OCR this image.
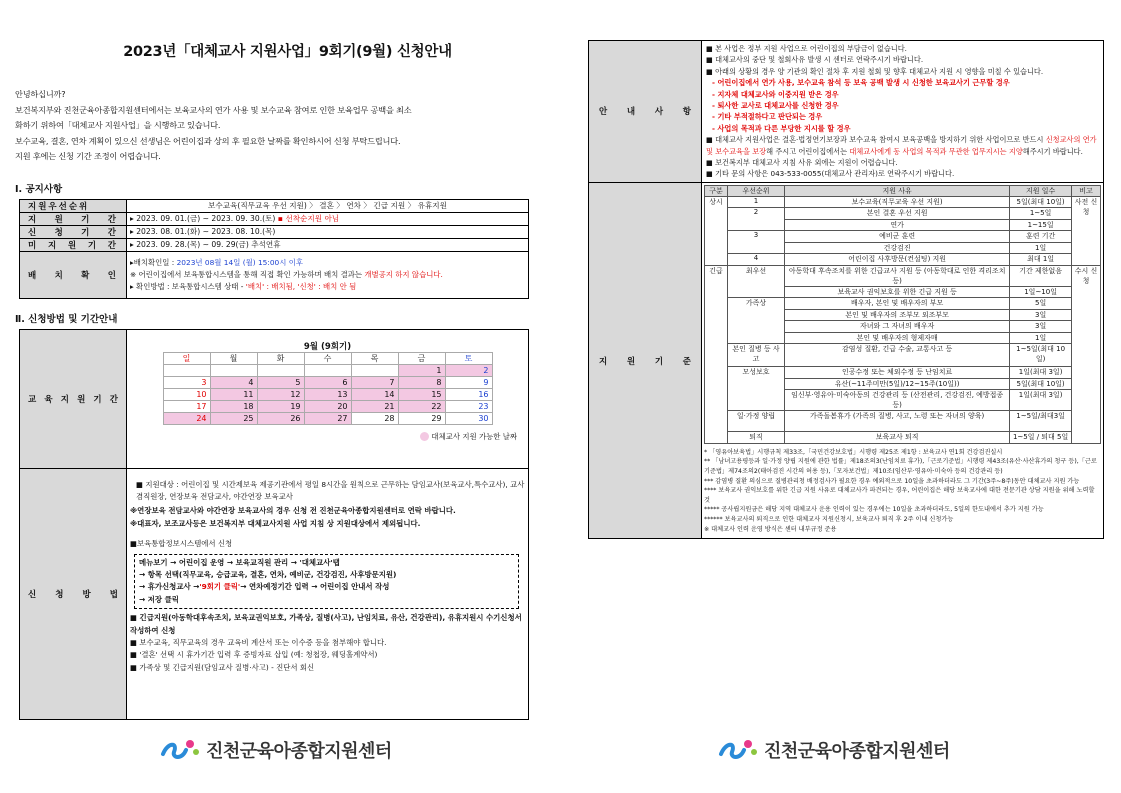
2023년「대체교사 지원사업」9회기(9월) 신청안내
안녕하십니까?
보건복지부와 진천군육아종합지원센터에서는 보육교사의 연가 사용 및 보수교육 참여로 인한 보육업무 공백을 최소
화하기 위하여「대체교사 지원사업」을 시행하고 있습니다.
보수교육, 결혼, 연차 계획이 있으신 선생님은 어린이집과 상의 후 필요한 날짜를 확인하시어 신청 부탁드립니다.
지원 후에는 신청 기간 조정이 어렵습니다.
Ⅰ. 공지사항
지원우선순위	보수교육(직무교육 우선 지원) 〉 결혼 〉 연차 〉 긴급 지원 〉 유휴지원
지 원 기 간	▸ 2023. 09. 01.(금) ~ 2023. 09. 30.(토) ▪ 선착순지원 아님
신 청 기 간	▸ 2023. 08. 01.(화) ~ 2023. 08. 10.(목)
미 지 원 기 간	▸ 2023. 09. 28.(목) ~ 09. 29(금) 추석연휴
배 치 확 인	▸배치확인일 : 2023년 08월 14일 (월) 15:00시 이후
※ 어린이집에서 보육통합시스템을 통해 직접 확인 가능하며 배치 결과는 개별공지 하지 않습니다.
▸ 확인방법 : 보육통합시스템 상태 - '배치' : 배치됨, '신청' : 배치 안 됨
Ⅱ. 신청방법 및 기간안내
교 육 지 원 기 간	
9월 (9회기)
일	월	화	수	목	금	토
					1	2
3	4	5	6	7	8	9
10	11	12	13	14	15	16
17	18	19	20	21	22	23
24	25	26	27	28	29	30
대체교사 지원 가능한 날짜

신 청 방 법	
■ 지원대상 : 어린이집 및 시간제보육 제공기관에서 평일 8시간을 원칙으로 근무하는 담임교사(보육교사,특수교사), 교사겸직원장, 연장보육 전담교사, 야간연장 보육교사
※연장보육 전담교사와 야간연장 보육교사의 경우 신청 전 진천군육아종합지원센터로 연락 바랍니다.
※대표자, 보조교사등은 보건복지부 대체교사지원 사업 지침 상 지원대상에서 제외됩니다.
■보육통합정보시스템에서 신청
메뉴보기 → 어린이집 운영 → 보육교직원 관리 → '대체교사'탭
→ 항목 선택(직무교육, 승급교육, 결혼, 연차, 예비군, 건강검진, 사후방문지원)
→ 휴가신청교사 →'9회기 클릭'→ 연차예정기간 입력 → 어린이집 안내서 작성
→ 저장 클릭
■ 긴급지원(아동학대후속조치, 보육교권익보호, 가족상, 질병(사고), 난임치료, 유산, 건강관리), 유휴지원시 수기신청서 작성하여 신청
■ 보수교육, 직무교육의 경우 교육비 계산서 또는 이수증 등을 첨부해야 합니다.
■ '결혼' 선택 시 휴가기간 입력 후 증빙자료 삽입 (예: 청첩장, 웨딩홀계약서)
■ 가족상 및 긴급지원(담임교사 질병·사고) - 진단서 회신
진천군육아종합지원센터
안 내 사 항	
■ 본 사업은 정부 지원 사업으로 어린이집의 부담금이 없습니다.
■ 대체교사의 중단 및 철회사유 발생 시 센터로 연락주시기 바랍니다.
■ 아래의 상황의 경우 양 기관의 확인 절차 후 지원 철회 및 향후 대체교사 지원 시 영향을 미칠 수 있습니다.
- 어린이집에서 연가 사용, 보수교육 참석 등 보육 공백 발생 시 신청한 보육교사기 근무할 경우
- 지자체 대체교사와 이중지원 받은 경우
- 퇴사한 교사로 대체교사를 신청한 경우
- 기타 부적절하다고 판단되는 경우
- 사업의 목적과 다른 부당한 지시를 할 경우
■ 대체교사 지원사업은 결혼·법정연기보장과 보수교육 참여시 보육공백을 방지하기 위한 사업이므로 반드시 신청교사의 연가 및 보수교육을 보장해 주시고 어린이집에서는 대체교사에게 동 사업의 목적과 무관한 업무지시는 지양해주시기 바랍니다.
■ 보건복지부 대체교사 지침 사유 외에는 지원이 어렵습니다.
■ 기타 문의 사항은 043-533-0055(대체교사 관리자)로 연락주시기 바랍니다.

지 원 기 준	
구분	우선순위	지원 사유	지원 일수	비고
상시	1	보수교육(직무교육 우선 지원)	5일(최대 10일)	사전 신청
2	본인 결혼 우선 지원	1~5일
연가	1~15일
3	예비군 훈련	훈련 기간
건강검진	1일
4	어린이집 사후방문(컨설팅) 지원	최대 1일
긴급	최우선	아동학대 후속조치를 위한 긴급교사 지원 등 (아동학대로 인한 격리조치 등)	기간 제한없음	수시 신청
보육교사 권익보호를 위한 긴급 지원 등	1일~10일
가족상	배우자, 본인 및 배우자의 부모	5일
본인 및 배우자의 조부모 외조부모	3일
자녀와 그 자녀의 배우자	3일
본인 및 배우자의 형제자매	1일
본인 질병 등 사고	감염성 질환, 긴급 수술, 교통사고 등	1~5일(최대 10일)
모성보호	인공수정 또는 체외수정 등 난임치료	1일(최대 3일)
유산(~11주미만(5일)/12~15주(10일))	5일(최대 10일)
임신부·영유아·미숙아동의 건강관리 등 (산전관리, 건강검진, 예방접종 등)	1일(최대 3일)
일·가정 양립	가족돌봄휴가 (가족의 질병, 사고, 노령 또는 자녀의 양육)	1~5일/최대3일
퇴직	보육교사 퇴직	1~5일 / 퇴대 5일
* 「영유아보육법」시행규칙 제33조,「국민건강보호법」시행령 제25조 제1항 : 보육교사 연1회 건강검진실시
** 「남녀고용평등과 일·가정 양립 지원에 관한 법률」제18조의3(난임치료 휴가),「근로기준법」시행령 제43조(유산·사산휴가의 청구 등),「근로기준법」제74조의2(태아검진 시간의 허용 등),「모자보건법」제10조(임산부·영유아·미숙아 등의 건강관리 등)
*** 감염병 질환 의심으로 질병관리청 배정검사가 필요한 경우 예외적으로 10일을 초과하더라도 그 기간(3주~8주)동안 대체교사 지원 가능
**** 보육교사 권익보호를 위한 긴급 지원 사유로 대체교사가 파견되는 경우, 어린이집은 해당 보육교사에 대한 전문기관 상담 지원을 위해 노력할 것
***** 공사립지원금은 해당 지역 대체교사 운용 인력이 있는 경우에는 10일을 초과하더라도, 5일의 한도내에서 추가 지원 가능
****** 보육교사의 퇴직으로 인한 대체교사 지원신청시, 보육교사 퇴직 후 2주 이내 신청가능
※ 대체교사 인력 운영 방식은 센터 내부규정 준용
진천군육아종합지원센터
